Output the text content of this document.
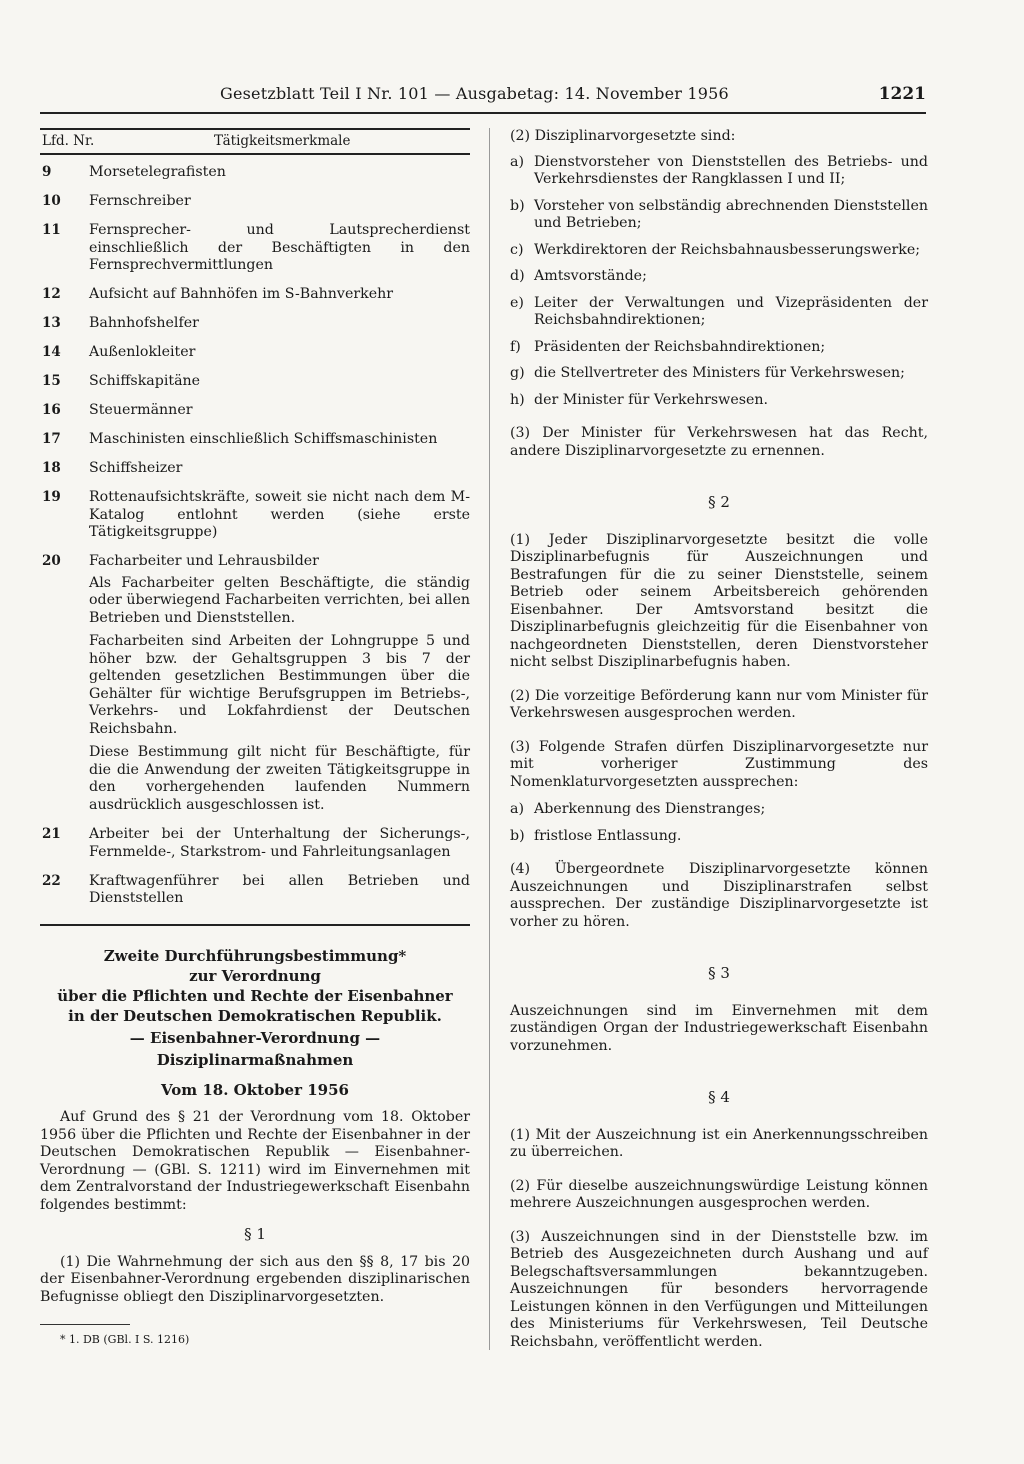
Gesetzblatt Teil I Nr. 101 — Ausgabetag: 14. November 1956	1221
Lfd. Nr.	Tätigkeitsmerkmale
9	Morsetelegrafisten
10	Fernschreiber
11	Fernsprecher- und Lautsprecherdienst einschließlich der Beschäftigten in den Fernsprechvermittlungen
12	Aufsicht auf Bahnhöfen im S-Bahnverkehr
13	Bahnhofshelfer
14	Außenlokleiter
15	Schiffskapitäne
16	Steuermänner
17	Maschinisten einschließlich Schiffsmaschinisten
18	Schiffsheizer
19	Rottenaufsichtskräfte, soweit sie nicht nach dem M-Katalog entlohnt werden (siehe erste Tätigkeitsgruppe)
20	Facharbeiter und Lehrausbilder
Als Facharbeiter gelten Beschäftigte, die ständig oder überwiegend Facharbeiten verrichten, bei allen Betrieben und Dienststellen.
Facharbeiten sind Arbeiten der Lohngruppe 5 und höher bzw. der Gehaltsgruppen 3 bis 7 der geltenden gesetzlichen Bestimmungen über die Gehälter für wichtige Berufsgruppen im Betriebs-, Verkehrs- und Lokfahrdienst der Deutschen Reichsbahn.
Diese Bestimmung gilt nicht für Beschäftigte, für die die Anwendung der zweiten Tätigkeitsgruppe in den vorhergehenden laufenden Nummern ausdrücklich ausgeschlossen ist.
21	Arbeiter bei der Unterhaltung der Sicherungs-, Fernmelde-, Starkstrom- und Fahrleitungsanlagen
22	Kraftwagenführer bei allen Betrieben und Dienststellen
Zweite Durchführungsbestimmung*
zur Verordnung
über die Pflichten und Rechte der Eisenbahner
in der Deutschen Demokratischen Republik.
— Eisenbahner-Verordnung —
Disziplinarmaßnahmen
Vom 18. Oktober 1956

Auf Grund des § 21 der Verordnung vom 18. Oktober 1956 über die Pflichten und Rechte der Eisenbahner in der Deutschen Demokratischen Republik — Eisenbahner-Verordnung — (GBl. S. 1211) wird im Einvernehmen mit dem Zentralvorstand der Industriegewerkschaft Eisenbahn folgendes bestimmt:

§ 1

(1) Die Wahrnehmung der sich aus den §§ 8, 17 bis 20 der Eisenbahner-Verordnung ergebenden disziplinarischen Befugnisse obliegt den Disziplinarvorgesetzten.

* 1. DB (GBl. I S. 1216)

(2) Disziplinarvorgesetzte sind:

a) Dienstvorsteher von Dienststellen des Betriebs- und Verkehrsdienstes der Rangklassen I und II;
b) Vorsteher von selbständig abrechnenden Dienststellen und Betrieben;
c) Werkdirektoren der Reichsbahnausbesserungswerke;
d) Amtsvorstände;
e) Leiter der Verwaltungen und Vizepräsidenten der Reichsbahndirektionen;
f) Präsidenten der Reichsbahndirektionen;
g) die Stellvertreter des Ministers für Verkehrswesen;
h) der Minister für Verkehrswesen.

(3) Der Minister für Verkehrswesen hat das Recht, andere Disziplinarvorgesetzte zu ernennen.

§ 2

(1) Jeder Disziplinarvorgesetzte besitzt die volle Disziplinarbefugnis für Auszeichnungen und Bestrafungen für die zu seiner Dienststelle, seinem Betrieb oder seinem Arbeitsbereich gehörenden Eisenbahner. Der Amtsvorstand besitzt die Disziplinarbefugnis gleichzeitig für die Eisenbahner von nachgeordneten Dienststellen, deren Dienstvorsteher nicht selbst Disziplinarbefugnis haben.

(2) Die vorzeitige Beförderung kann nur vom Minister für Verkehrswesen ausgesprochen werden.

(3) Folgende Strafen dürfen Disziplinarvorgesetzte nur mit vorheriger Zustimmung des Nomenklaturvorgesetzten aussprechen:

a) Aberkennung des Dienstranges;
b) fristlose Entlassung.

(4) Übergeordnete Disziplinarvorgesetzte können Auszeichnungen und Disziplinarstrafen selbst aussprechen. Der zuständige Disziplinarvorgesetzte ist vorher zu hören.

§ 3

Auszeichnungen sind im Einvernehmen mit dem zuständigen Organ der Industriegewerkschaft Eisenbahn vorzunehmen.

§ 4

(1) Mit der Auszeichnung ist ein Anerkennungsschreiben zu überreichen.

(2) Für dieselbe auszeichnungswürdige Leistung können mehrere Auszeichnungen ausgesprochen werden.

(3) Auszeichnungen sind in der Dienststelle bzw. im Betrieb des Ausgezeichneten durch Aushang und auf Belegschaftsversammlungen bekanntzugeben. Auszeichnungen für besonders hervorragende Leistungen können in den Verfügungen und Mitteilungen des Ministeriums für Verkehrswesen, Teil Deutsche Reichsbahn, veröffentlicht werden.
